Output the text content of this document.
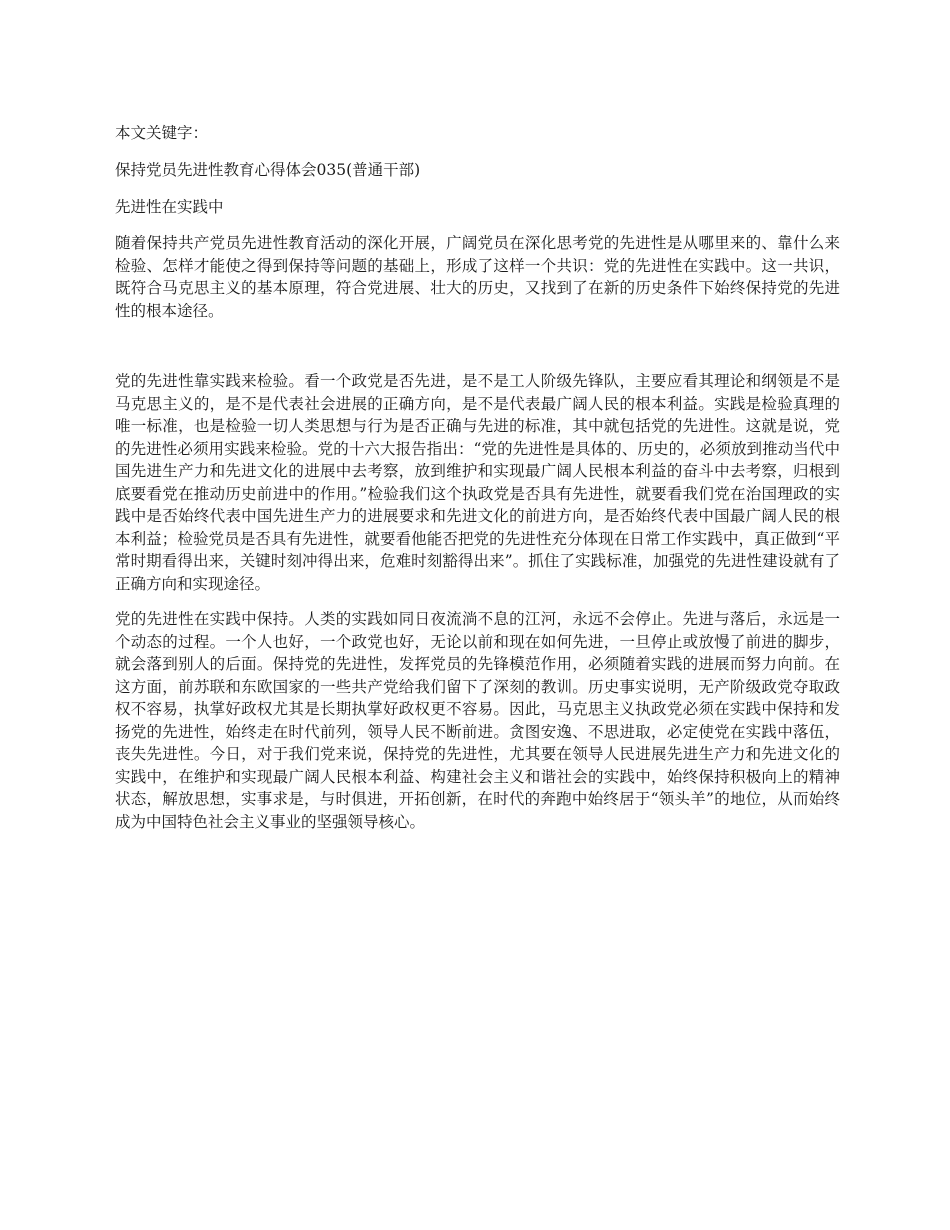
本文关键字：

保持党员先进性教育心得体会035(普通干部)

先进性在实践中

随着保持共产党员先进性教育活动的深化开展，广阔党员在深化思考党的先进性是从哪里来的、靠什么来检验、怎样才能使之得到保持等问题的基础上，形成了这样一个共识：党的先进性在实践中。这一共识，既符合马克思主义的基本原理，符合党进展、壮大的历史，又找到了在新的历史条件下始终保持党的先进性的根本途径。

党的先进性靠实践来检验。看一个政党是否先进，是不是工人阶级先锋队，主要应看其理论和纲领是不是马克思主义的，是不是代表社会进展的正确方向，是不是代表最广阔人民的根本利益。实践是检验真理的唯一标准，也是检验一切人类思想与行为是否正确与先进的标准，其中就包括党的先进性。这就是说，党的先进性必须用实践来检验。党的十六大报告指出：“党的先进性是具体的、历史的，必须放到推动当代中国先进生产力和先进文化的进展中去考察，放到维护和实现最广阔人民根本利益的奋斗中去考察，归根到底要看党在推动历史前进中的作用。”检验我们这个执政党是否具有先进性，就要看我们党在治国理政的实践中是否始终代表中国先进生产力的进展要求和先进文化的前进方向，是否始终代表中国最广阔人民的根本利益；检验党员是否具有先进性，就要看他能否把党的先进性充分体现在日常工作实践中，真正做到“平常时期看得出来，关键时刻冲得出来，危难时刻豁得出来”。抓住了实践标准，加强党的先进性建设就有了正确方向和实现途径。

党的先进性在实践中保持。人类的实践如同日夜流淌不息的江河，永远不会停止。先进与落后，永远是一个动态的过程。一个人也好，一个政党也好，无论以前和现在如何先进，一旦停止或放慢了前进的脚步，就会落到别人的后面。保持党的先进性，发挥党员的先锋模范作用，必须随着实践的进展而努力向前。在这方面，前苏联和东欧国家的一些共产党给我们留下了深刻的教训。历史事实说明，无产阶级政党夺取政权不容易，执掌好政权尤其是长期执掌好政权更不容易。因此，马克思主义执政党必须在实践中保持和发扬党的先进性，始终走在时代前列，领导人民不断前进。贪图安逸、不思进取，必定使党在实践中落伍，丧失先进性。今日，对于我们党来说，保持党的先进性，尤其要在领导人民进展先进生产力和先进文化的实践中，在维护和实现最广阔人民根本利益、构建社会主义和谐社会的实践中，始终保持积极向上的精神状态，解放思想，实事求是，与时俱进，开拓创新，在时代的奔跑中始终居于“领头羊”的地位，从而始终成为中国特色社会主义事业的坚强领导核心。
